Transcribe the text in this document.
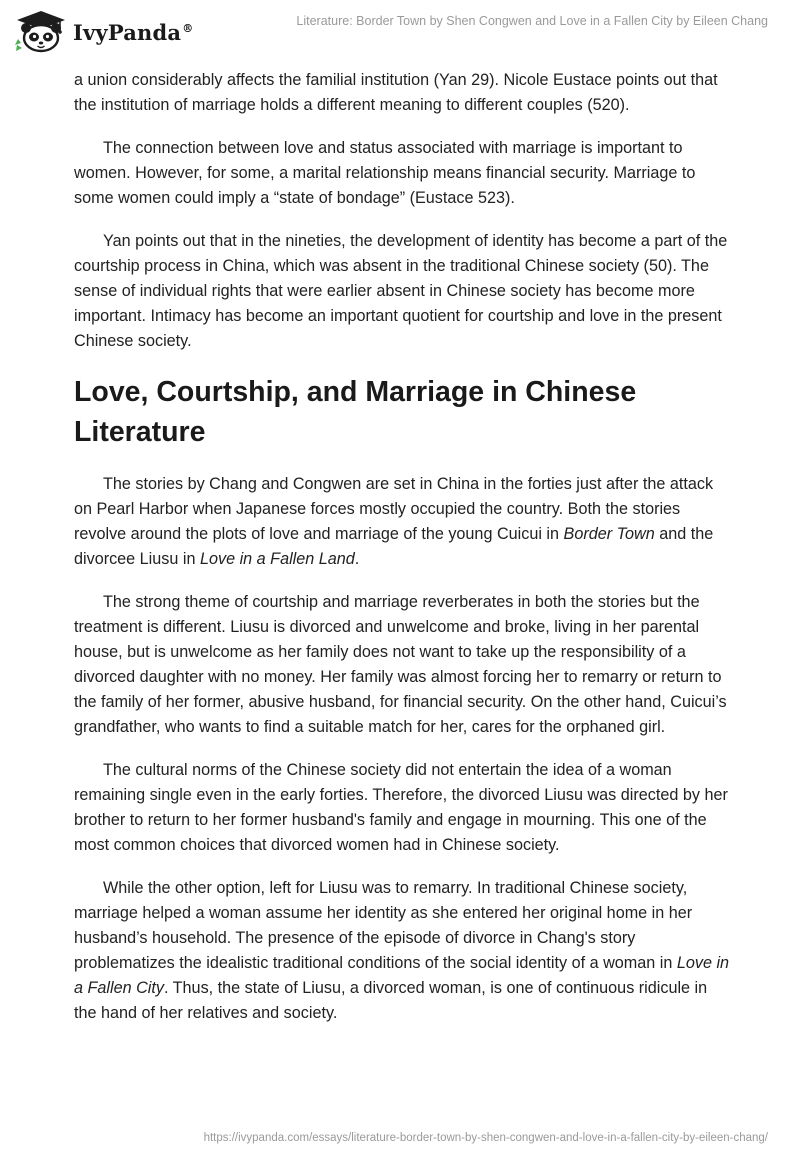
IvyPanda®	Literature: Border Town by Shen Congwen and Love in a Fallen City by Eileen Chang

a union considerably affects the familial institution (Yan 29). Nicole Eustace points out that the institution of marriage holds a different meaning to different couples (520).

The connection between love and status associated with marriage is important to women. However, for some, a marital relationship means financial security. Marriage to some women could imply a “state of bondage” (Eustace 523).

Yan points out that in the nineties, the development of identity has become a part of the courtship process in China, which was absent in the traditional Chinese society (50). The sense of individual rights that were earlier absent in Chinese society has become more important. Intimacy has become an important quotient for courtship and love in the present Chinese society.

Love, Courtship, and Marriage in Chinese Literature

The stories by Chang and Congwen are set in China in the forties just after the attack on Pearl Harbor when Japanese forces mostly occupied the country. Both the stories revolve around the plots of love and marriage of the young Cuicui in Border Town and the divorcee Liusu in Love in a Fallen Land.

The strong theme of courtship and marriage reverberates in both the stories but the treatment is different. Liusu is divorced and unwelcome and broke, living in her parental house, but is unwelcome as her family does not want to take up the responsibility of a divorced daughter with no money. Her family was almost forcing her to remarry or return to the family of her former, abusive husband, for financial security. On the other hand, Cuicui’s grandfather, who wants to find a suitable match for her, cares for the orphaned girl.

The cultural norms of the Chinese society did not entertain the idea of a woman remaining single even in the early forties. Therefore, the divorced Liusu was directed by her brother to return to her former husband's family and engage in mourning. This one of the most common choices that divorced women had in Chinese society.

While the other option, left for Liusu was to remarry. In traditional Chinese society, marriage helped a woman assume her identity as she entered her original home in her husband’s household. The presence of the episode of divorce in Chang's story problematizes the idealistic traditional conditions of the social identity of a woman in Love in a Fallen City. Thus, the state of Liusu, a divorced woman, is one of continuous ridicule in the hand of her relatives and society.

https://ivypanda.com/essays/literature-border-town-by-shen-congwen-and-love-in-a-fallen-city-by-eileen-chang/
